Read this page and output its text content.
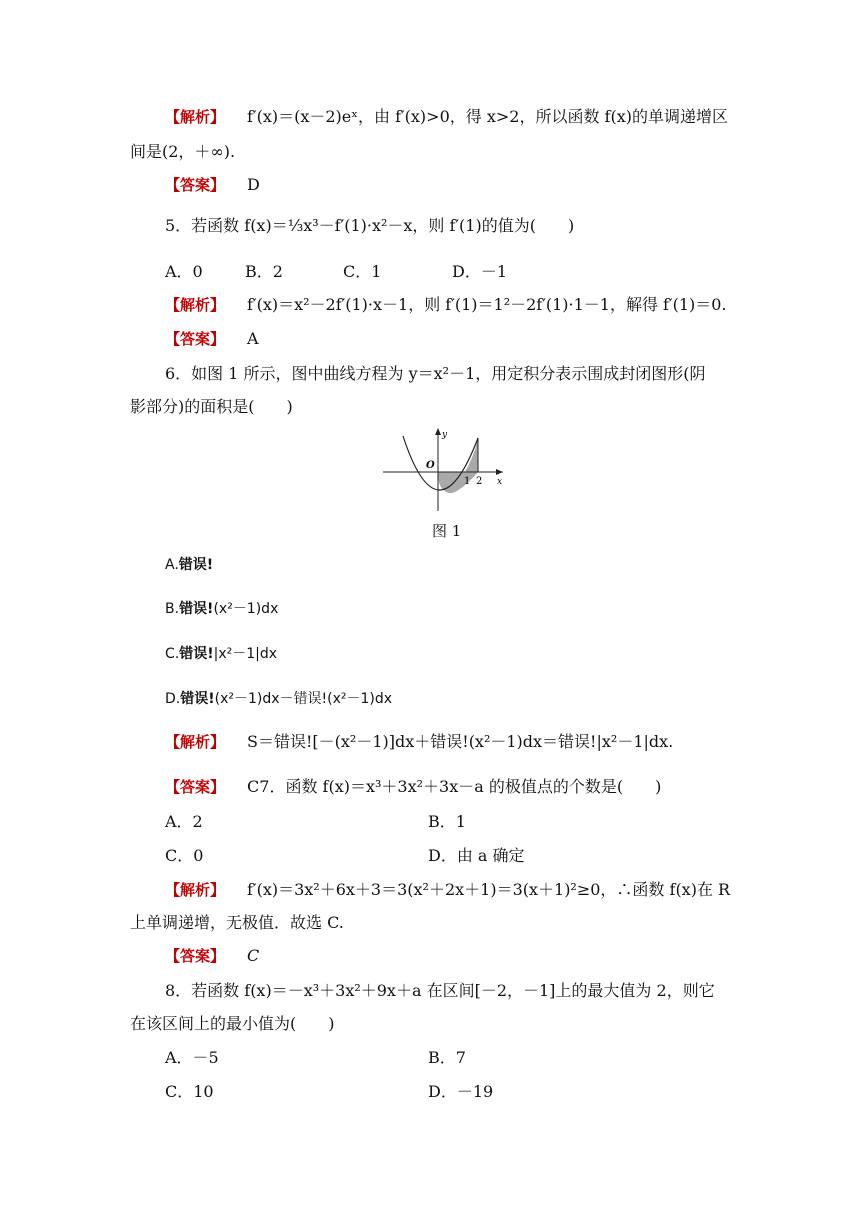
【解析】 f′(x)＝(x－2)eˣ，由 f′(x)>0，得 x>2，所以函数 f(x)的单调递增区
间是(2，＋∞).
【答案】 D
5．若函数 f(x)＝⅓x³－f′(1)·x²－x，则 f′(1)的值为(　　)
A．0	B．2	C．1	D．－1
【解析】 f′(x)＝x²－2f′(1)·x－1，则 f′(1)＝1²－2f′(1)·1－1，解得 f′(1)＝0.
【答案】 A
6．如图 1 所示，图中曲线方程为 y＝x²－1，用定积分表示围成封闭图形(阴
影部分)的面积是(　　)
y
x
O
1 2
图 1
A.错误!
B.错误!(x²－1)dx
C.错误!|x²－1|dx
D.错误!(x²－1)dx－错误!(x²－1)dx
【解析】 S＝错误![－(x²－1)]dx＋错误!(x²－1)dx＝错误!|x²－1|dx.
【答案】 C7．函数 f(x)＝x³＋3x²＋3x－a 的极值点的个数是(　　)
A．2	B．1
C．0	D．由 a 确定
【解析】 f′(x)＝3x²＋6x＋3＝3(x²＋2x＋1)＝3(x＋1)²≥0，∴函数 f(x)在 R
上单调递增，无极值．故选 C.
【答案】 C
8．若函数 f(x)＝－x³＋3x²＋9x＋a 在区间[－2，－1]上的最大值为 2，则它
在该区间上的最小值为(　　)
A．－5	B．7
C．10	D．－19
